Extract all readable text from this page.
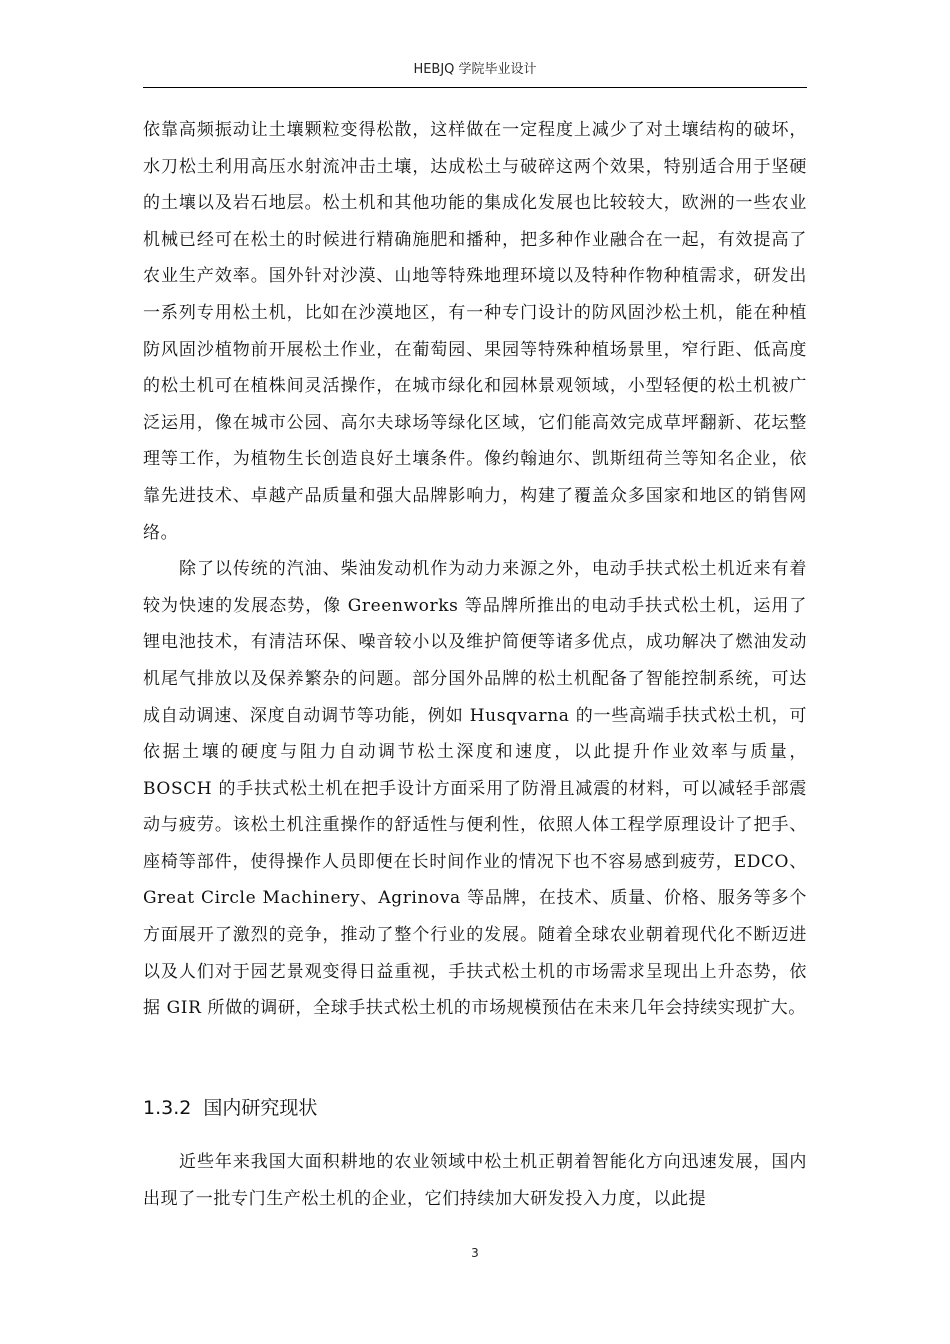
HEBJQ 学院毕业设计

依靠高频振动让土壤颗粒变得松散，这样做在一定程度上减少了对土壤结构的破坏，水刀松土利用高压水射流冲击土壤，达成松土与破碎这两个效果，特别适合用于坚硬的土壤以及岩石地层。松土机和其他功能的集成化发展也比较较大，欧洲的一些农业机械已经可在松土的时候进行精确施肥和播种，把多种作业融合在一起，有效提高了农业生产效率。国外针对沙漠、山地等特殊地理环境以及特种作物种植需求，研发出一系列专用松土机，比如在沙漠地区，有一种专门设计的防风固沙松土机，能在种植防风固沙植物前开展松土作业，在葡萄园、果园等特殊种植场景里，窄行距、低高度的松土机可在植株间灵活操作，在城市绿化和园林景观领域，小型轻便的松土机被广泛运用，像在城市公园、高尔夫球场等绿化区域，它们能高效完成草坪翻新、花坛整理等工作，为植物生长创造良好土壤条件。像约翰迪尔、凯斯纽荷兰等知名企业，依靠先进技术、卓越产品质量和强大品牌影响力，构建了覆盖众多国家和地区的销售网络。

除了以传统的汽油、柴油发动机作为动力来源之外，电动手扶式松土机近来有着较为快速的发展态势，像 Greenworks 等品牌所推出的电动手扶式松土机，运用了锂电池技术，有清洁环保、噪音较小以及维护简便等诸多优点，成功解决了燃油发动机尾气排放以及保养繁杂的问题。部分国外品牌的松土机配备了智能控制系统，可达成自动调速、深度自动调节等功能，例如 Husqvarna 的一些高端手扶式松土机，可依据土壤的硬度与阻力自动调节松土深度和速度，以此提升作业效率与质量，BOSCH 的手扶式松土机在把手设计方面采用了防滑且减震的材料，可以减轻手部震动与疲劳。该松土机注重操作的舒适性与便利性，依照人体工程学原理设计了把手、座椅等部件，使得操作人员即便在长时间作业的情况下也不容易感到疲劳，EDCO、Great Circle Machinery、Agrinova 等品牌，在技术、质量、价格、服务等多个方面展开了激烈的竞争，推动了整个行业的发展。随着全球农业朝着现代化不断迈进以及人们对于园艺景观变得日益重视，手扶式松土机的市场需求呈现出上升态势，依据 GIR 所做的调研，全球手扶式松土机的市场规模预估在未来几年会持续实现扩大。

1.3.2 国内研究现状

近些年来我国大面积耕地的农业领域中松土机正朝着智能化方向迅速发展，国内出现了一批专门生产松土机的企业，它们持续加大研发投入力度，以此提

3
